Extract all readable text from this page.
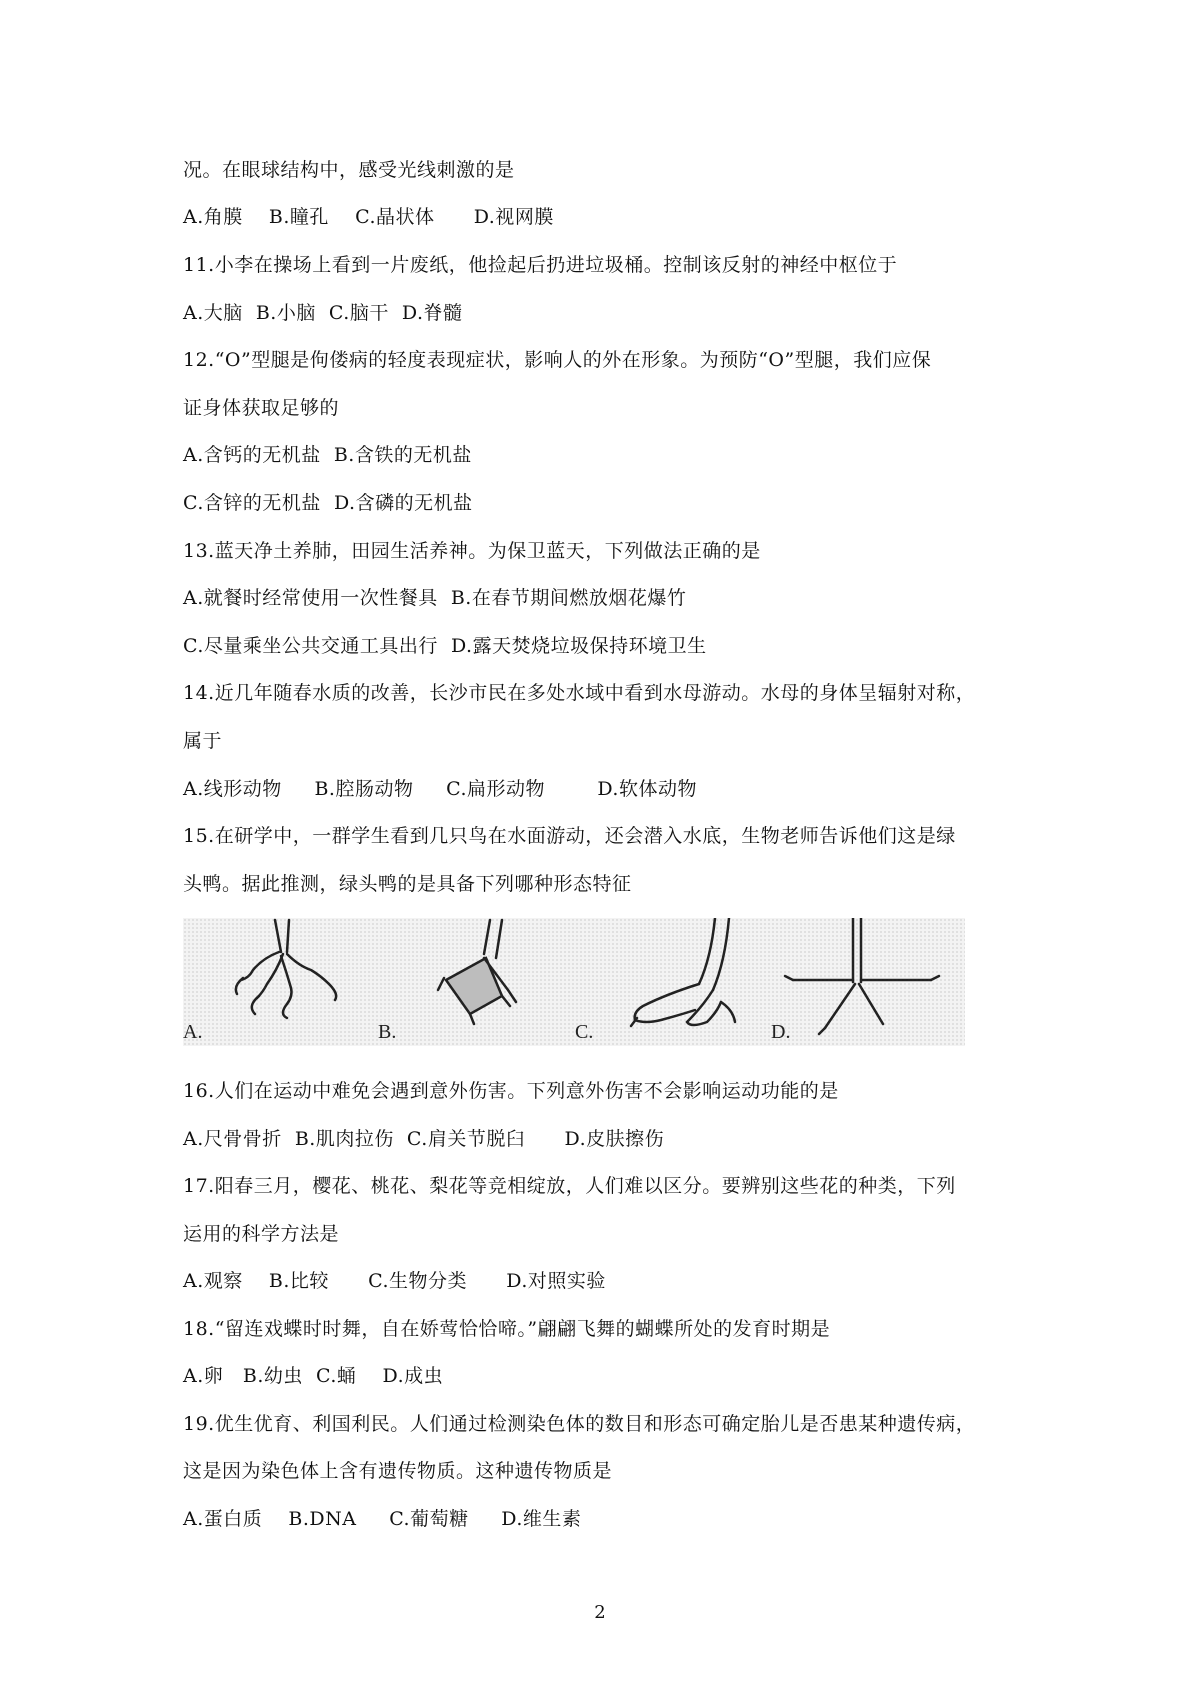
况。在眼球结构中，感受光线刺激的是
A.角膜    B.瞳孔    C.晶状体      D.视网膜
11.小李在操场上看到一片废纸，他捡起后扔进垃圾桶。控制该反射的神经中枢位于
A.大脑  B.小脑  C.脑干  D.脊髓
12.“O”型腿是佝偻病的轻度表现症状，影响人的外在形象。为预防“O”型腿，我们应保
证身体获取足够的
A.含钙的无机盐  B.含铁的无机盐
C.含锌的无机盐  D.含磷的无机盐
13.蓝天净土养肺，田园生活养神。为保卫蓝天，下列做法正确的是
A.就餐时经常使用一次性餐具  B.在春节期间燃放烟花爆竹
C.尽量乘坐公共交通工具出行  D.露天焚烧垃圾保持环境卫生
14.近几年随春水质的改善，长沙市民在多处水域中看到水母游动。水母的身体呈辐射对称，
属于
A.线形动物     B.腔肠动物     C.扁形动物        D.软体动物
15.在研学中，一群学生看到几只鸟在水面游动，还会潜入水底，生物老师告诉他们这是绿
头鸭。据此推测，绿头鸭的是具备下列哪种形态特征
A.	B.	C.	D.
16.人们在运动中难免会遇到意外伤害。下列意外伤害不会影响运动功能的是
A.尺骨骨折  B.肌肉拉伤  C.肩关节脱臼      D.皮肤擦伤
17.阳春三月，樱花、桃花、梨花等竞相绽放，人们难以区分。要辨别这些花的种类，下列
运用的科学方法是
A.观察    B.比较      C.生物分类      D.对照实验
18.“留连戏蝶时时舞，自在娇莺恰恰啼。”翩翩飞舞的蝴蝶所处的发育时期是
A.卵   B.幼虫  C.蛹    D.成虫
19.优生优育、利国利民。人们通过检测染色体的数目和形态可确定胎儿是否患某种遗传病，
这是因为染色体上含有遗传物质。这种遗传物质是
A.蛋白质    B.DNA     C.葡萄糖     D.维生素
2
